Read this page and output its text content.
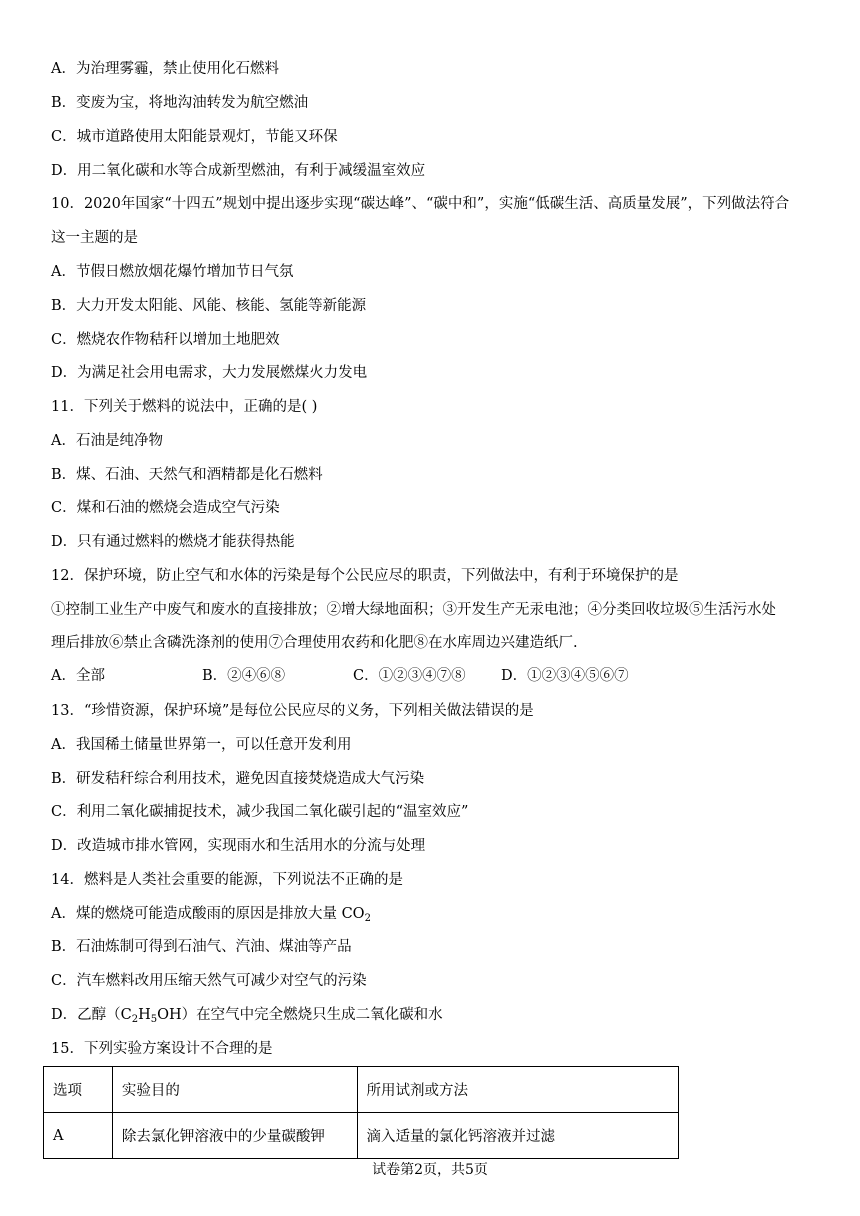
A．为治理雾霾，禁止使用化石燃料
B．变废为宝，将地沟油转发为航空燃油
C．城市道路使用太阳能景观灯，节能又环保
D．用二氧化碳和水等合成新型燃油，有利于减缓温室效应
10．2020年国家“十四五”规划中提出逐步实现“碳达峰”、“碳中和”，实施“低碳生活、高质量发展”，下列做法符合
这一主题的是
A．节假日燃放烟花爆竹增加节日气氛
B．大力开发太阳能、风能、核能、氢能等新能源
C．燃烧农作物秸秆以增加土地肥效
D．为满足社会用电需求，大力发展燃煤火力发电
11．下列关于燃料的说法中，正确的是( )
A．石油是纯净物
B．煤、石油、天然气和酒精都是化石燃料
C．煤和石油的燃烧会造成空气污染
D．只有通过燃料的燃烧才能获得热能
12．保护环境，防止空气和水体的污染是每个公民应尽的职责，下列做法中，有利于环境保护的是
①控制工业生产中废气和废水的直接排放；②增大绿地面积；③开发生产无汞电池；④分类回收垃圾⑤生活污水处
理后排放⑥禁止含磷洗涤剂的使用⑦合理使用农药和化肥⑧在水库周边兴建造纸厂.
A．全部	B．②④⑥⑧	C．①②③④⑦⑧ D．①②③④⑤⑥⑦
13．“珍惜资源，保护环境”是每位公民应尽的义务，下列相关做法错误的是
A．我国稀土储量世界第一，可以任意开发利用
B．研发秸秆综合利用技术，避免因直接焚烧造成大气污染
C．利用二氧化碳捕捉技术，减少我国二氧化碳引起的“温室效应”
D．改造城市排水管网，实现雨水和生活用水的分流与处理
14．燃料是人类社会重要的能源，下列说法不正确的是
A．煤的燃烧可能造成酸雨的原因是排放大量 $CO_2$
B．石油炼制可得到石油气、汽油、煤油等产品
C．汽车燃料改用压缩天然气可减少对空气的污染
D．乙醇$(C_2H_5OH)$在空气中完全燃烧只生成二氧化碳和水
15．下列实验方案设计不合理的是
选项	实验目的	所用试剂或方法
A	除去氯化钾溶液中的少量碳酸钾	滴入适量的氯化钙溶液并过滤
试卷第2页，共5页
